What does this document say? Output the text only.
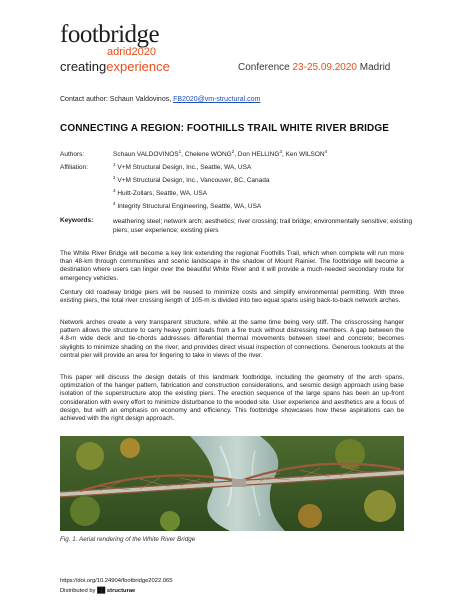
footbridge
adrid2020
creatingexperience	Conference 23-25.09.2020 Madrid
Contact author: Schaun Valdovinos, FB2020@vm-structural.com
CONNECTING A REGION: FOOTHILLS TRAIL WHITE RIVER BRIDGE
Authors:	Schaun VALDOVINOS$^1$, Chelene WONG$^2$, Don HELLING$^3$, Ken WILSON$^4$
Affiliation:	$^1$ V+M Structural Design, Inc., Seattle, WA, USA
$^2$ V+M Structural Design, Inc., Vancouver, BC, Canada
$^3$ Huitt-Zollars, Seattle, WA, USA
$^4$ Integrity Structural Engineering, Seattle, WA, USA
Keywords:	weathering steel; network arch; aesthetics; river crossing; trail bridge; environmentally sensitive; existing piers; user experience; existing piers
The White River Bridge will become a key link extending the regional Foothills Trail, which when complete will run more than 48-km through communities and scenic landscape in the shadow of Mount Rainier. The footbridge will become a destination where users can linger over the beautiful White River and it will provide a much-needed secondary route for emergency vehicles.
Century old roadway bridge piers will be reused to minimize costs and simplify environmental permitting. With three existing piers, the total river crossing length of 105-m is divided into two equal spans using back-to-back network arches.
Network arches create a very transparent structure, while at the same time being very stiff. The crisscrossing hanger pattern allows the structure to carry heavy point loads from a fire truck without distressing members. A gap between the 4.8-m wide deck and tie-chords addresses differential thermal movements between steel and concrete; becomes skylights to minimize shading on the river; and provides direct visual inspection of connections. Generous lookouts at the central pier will provide an area for lingering to take in views of the river.
This paper will discuss the design details of this landmark footbridge, including the geometry of the arch spans, optimization of the hanger pattern, fabrication and construction considerations, and seismic design approach using base isolation of the superstructure atop the existing piers. The erection sequence of the large spans has been an up-front consideration with every effort to minimize disturbance to the wooded site. User experience and aesthetics are a focus of design, but with an emphasis on economy and efficiency. This footbridge showcases how these aspirations can be achieved with the right design approach.
Fig. 1. Aerial rendering of the White River Bridge
https://doi.org/10.24904/footbridge2022.065
Distributed by ██ structurae
